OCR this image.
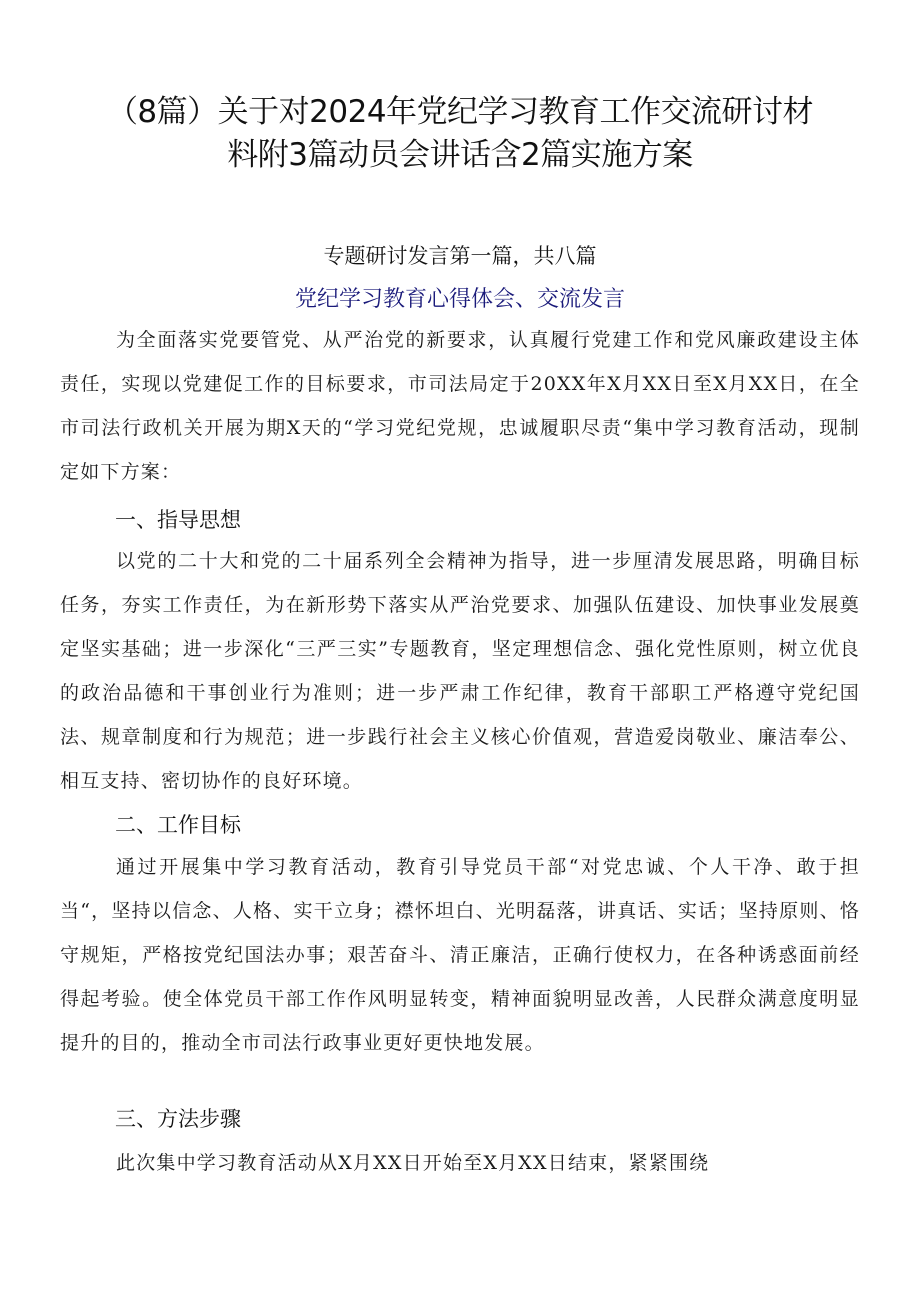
（8篇）关于对2024年党纪学习教育工作交流研讨材
料附3篇动员会讲话含2篇实施方案
专题研讨发言第一篇，共八篇
党纪学习教育心得体会、交流发言

为全面落实党要管党、从严治党的新要求，认真履行党建工作和党风廉政建设主体责任，实现以党建促工作的目标要求，市司法局定于20XX年X月XX日至X月XX日，在全市司法行政机关开展为期X天的“学习党纪党规，忠诚履职尽责“集中学习教育活动，现制定如下方案：

一、指导思想

以党的二十大和党的二十届系列全会精神为指导，进一步厘清发展思路，明确目标任务，夯实工作责任，为在新形势下落实从严治党要求、加强队伍建设、加快事业发展奠定坚实基础；进一步深化“三严三实”专题教育，坚定理想信念、强化党性原则，树立优良的政治品德和干事创业行为准则；进一步严肃工作纪律，教育干部职工严格遵守党纪国法、规章制度和行为规范；进一步践行社会主义核心价值观，营造爱岗敬业、廉洁奉公、相互支持、密切协作的良好环境。

二、工作目标

通过开展集中学习教育活动，教育引导党员干部“对党忠诚、个人干净、敢于担当“，坚持以信念、人格、实干立身；襟怀坦白、光明磊落，讲真话、实话；坚持原则、恪守规矩，严格按党纪国法办事；艰苦奋斗、清正廉洁，正确行使权力，在各种诱惑面前经得起考验。使全体党员干部工作作风明显转变，精神面貌明显改善，人民群众满意度明显提升的目的，推动全市司法行政事业更好更快地发展。

三、方法步骤

此次集中学习教育活动从X月XX日开始至X月XX日结束，紧紧围绕
